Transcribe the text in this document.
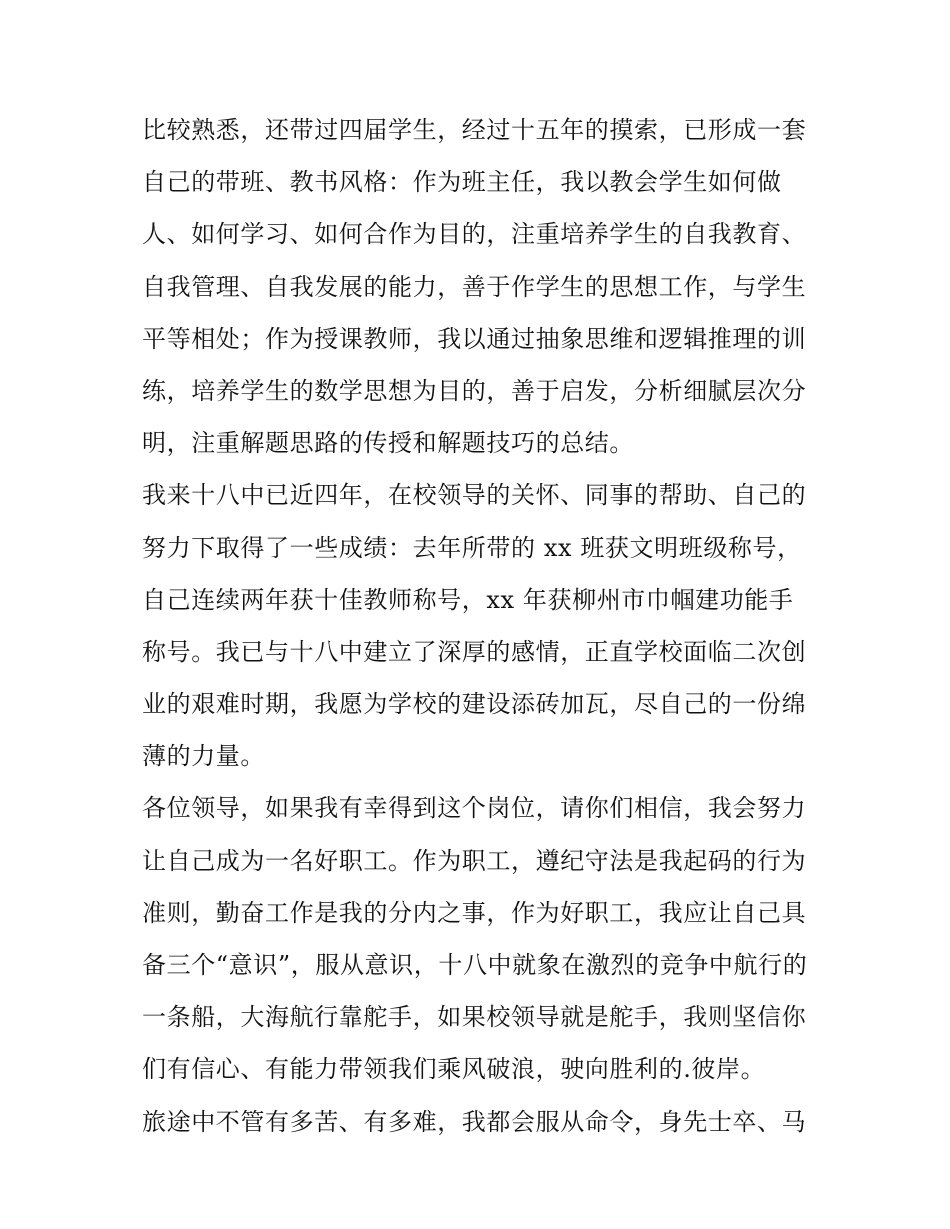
比较熟悉，还带过四届学生，经过十五年的摸索，已形成一套
自己的带班、教书风格：作为班主任，我以教会学生如何做
人、如何学习、如何合作为目的，注重培养学生的自我教育、
自我管理、自我发展的能力，善于作学生的思想工作，与学生
平等相处；作为授课教师，我以通过抽象思维和逻辑推理的训
练，培养学生的数学思想为目的，善于启发，分析细腻层次分
明，注重解题思路的传授和解题技巧的总结。
我来十八中已近四年，在校领导的关怀、同事的帮助、自己的
努力下取得了一些成绩：去年所带的 xx 班获文明班级称号，
自己连续两年获十佳教师称号，xx 年获柳州市巾帼建功能手
称号。我已与十八中建立了深厚的感情，正直学校面临二次创
业的艰难时期，我愿为学校的建设添砖加瓦，尽自己的一份绵
薄的力量。
各位领导，如果我有幸得到这个岗位，请你们相信，我会努力
让自己成为一名好职工。作为职工，遵纪守法是我起码的行为
准则，勤奋工作是我的分内之事，作为好职工，我应让自己具
备三个“意识”，服从意识，十八中就象在激烈的竞争中航行的
一条船，大海航行靠舵手，如果校领导就是舵手，我则坚信你
们有信心、有能力带领我们乘风破浪，驶向胜利的.彼岸。
旅途中不管有多苦、有多难，我都会服从命令，身先士卒、马
